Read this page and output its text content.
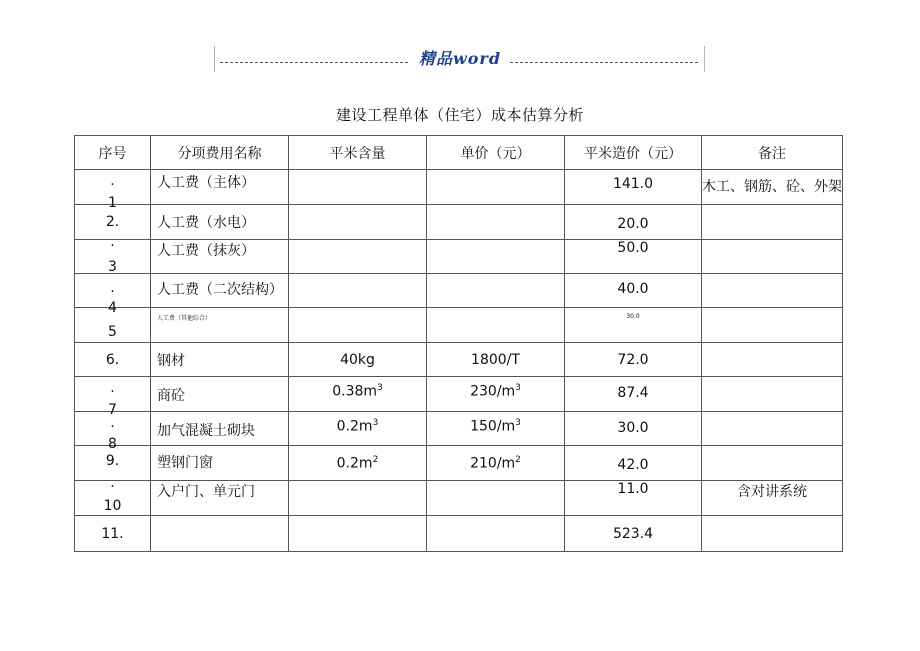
精品word
建设工程单体（住宅）成本估算分析
序号	分项费用名称	平米含量	单价（元）	平米造价（元）	备注

.
1	人工费（主体）			141.0	木工、钢筋、砼、外架
2.	人工费（水电）			20.0	

.
3	人工费（抹灰）			50.0	

.
4	人工费（二次结构）			40.0	

5	人工费（其他综合）			30.0	
6.	钢材	40kg	1800/T	72.0	

.
7	商砼	$0.38m^3$	$230/m^3$	87.4	

.
8	加气混凝土砌块	$0.2m^3$	$150/m^3$	30.0	
9.	塑钢门窗	$0.2m^2$	$210/m^2$	42.0	

.
10	入户门、单元门			11.0	含对讲系统
11.				523.4	
